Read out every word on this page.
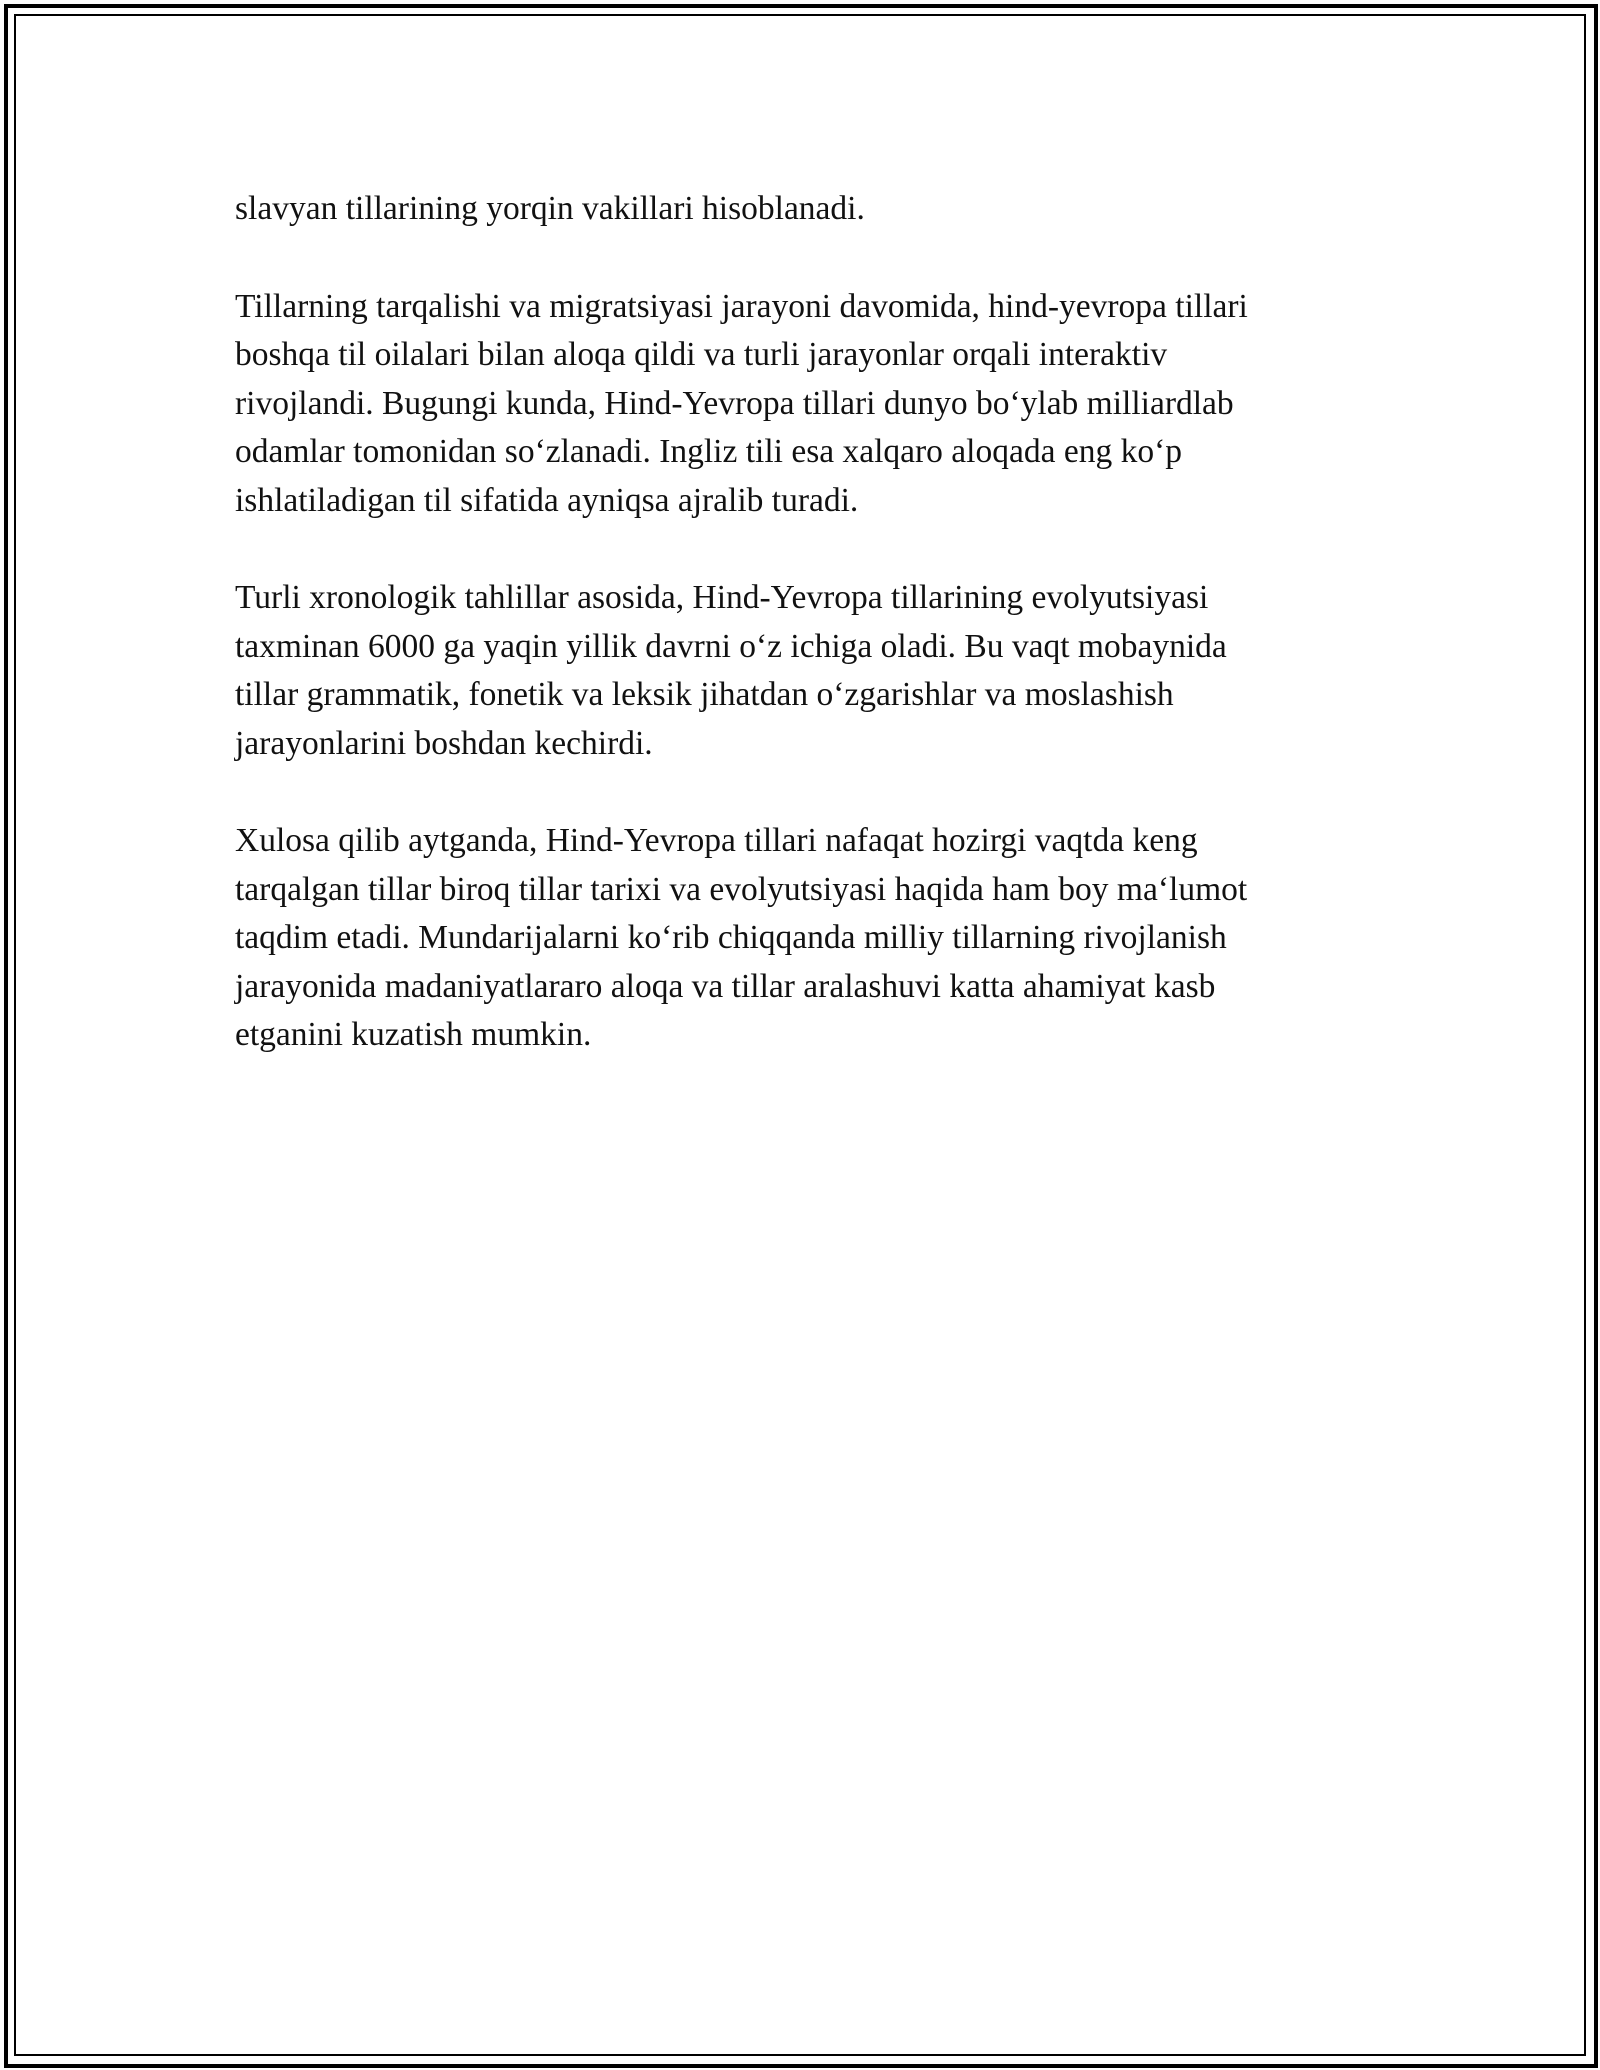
slavyan tillarining yorqin vakillari hisoblanadi.

Tillarning tarqalishi va migratsiyasi jarayoni davomida, hind-yevropa tillari
boshqa til oilalari bilan aloqa qildi va turli jarayonlar orqali interaktiv
rivojlandi. Bugungi kunda, Hind-Yevropa tillari dunyo bo‘ylab milliardlab
odamlar tomonidan so‘zlanadi. Ingliz tili esa xalqaro aloqada eng ko‘p
ishlatiladigan til sifatida ayniqsa ajralib turadi.

Turli xronologik tahlillar asosida, Hind-Yevropa tillarining evolyutsiyasi
taxminan 6000 ga yaqin yillik davrni o‘z ichiga oladi. Bu vaqt mobaynida
tillar grammatik, fonetik va leksik jihatdan o‘zgarishlar va moslashish
jarayonlarini boshdan kechirdi.

Xulosa qilib aytganda, Hind-Yevropa tillari nafaqat hozirgi vaqtda keng
tarqalgan tillar biroq tillar tarixi va evolyutsiyasi haqida ham boy ma‘lumot
taqdim etadi. Mundarijalarni ko‘rib chiqqanda milliy tillarning rivojlanish
jarayonida madaniyatlararo aloqa va tillar aralashuvi katta ahamiyat kasb
etganini kuzatish mumkin.
